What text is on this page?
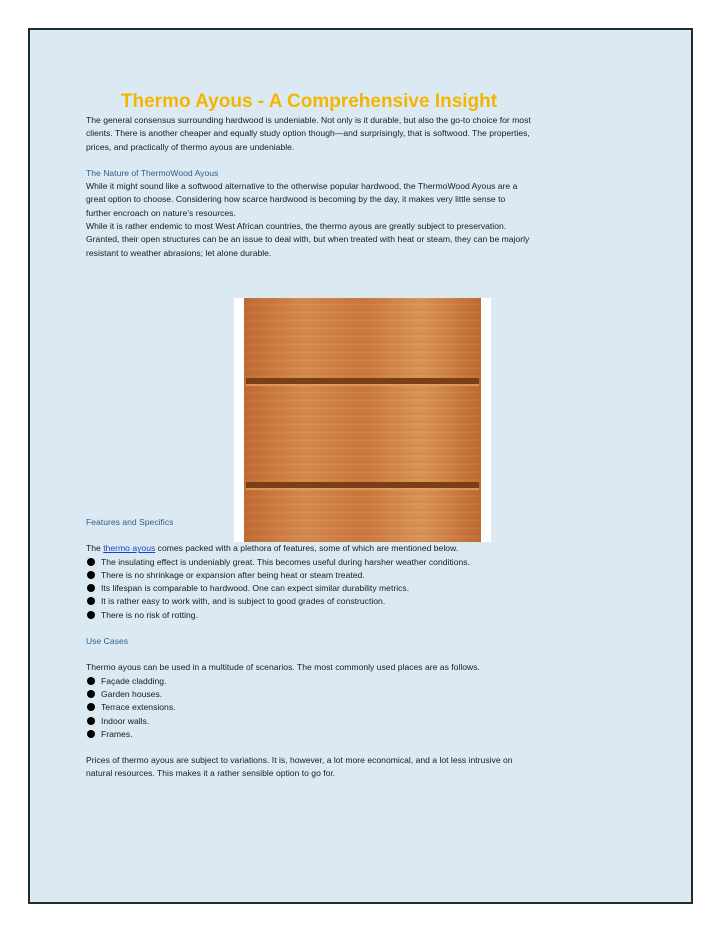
Thermo Ayous - A Comprehensive Insight

The general consensus surrounding hardwood is undeniable. Not only is it durable, but also the go-to choice for most clients. There is another cheaper and equally study option though—and surprisingly, that is softwood. The properties, prices, and practically of thermo ayous are undeniable.

The Nature of ThermoWood Ayous

While it might sound like a softwood alternative to the otherwise popular hardwood, the ThermoWood Ayous are a great option to choose. Considering how scarce hardwood is becoming by the day, it makes very little sense to further encroach on nature’s resources.

While it is rather endemic to most West African countries, the thermo ayous are greatly subject to preservation. Granted, their open structures can be an issue to deal with, but when treated with heat or steam, they can be majorly resistant to weather abrasions; let alone durable.

Features and Specifics

The thermo ayous comes packed with a plethora of features, some of which are mentioned below.

The insulating effect is undeniably great. This becomes useful during harsher weather conditions.
There is no shrinkage or expansion after being heat or steam treated.
Its lifespan is comparable to hardwood. One can expect similar durability metrics.
It is rather easy to work with, and is subject to good grades of construction.
There is no risk of rotting.

Use Cases

Thermo ayous can be used in a multitude of scenarios. The most commonly used places are as follows.

Façade cladding.
Garden houses.
Terrace extensions.
Indoor walls.
Frames.

Prices of thermo ayous are subject to variations. It is, however, a lot more economical, and a lot less intrusive on natural resources. This makes it a rather sensible option to go for.
